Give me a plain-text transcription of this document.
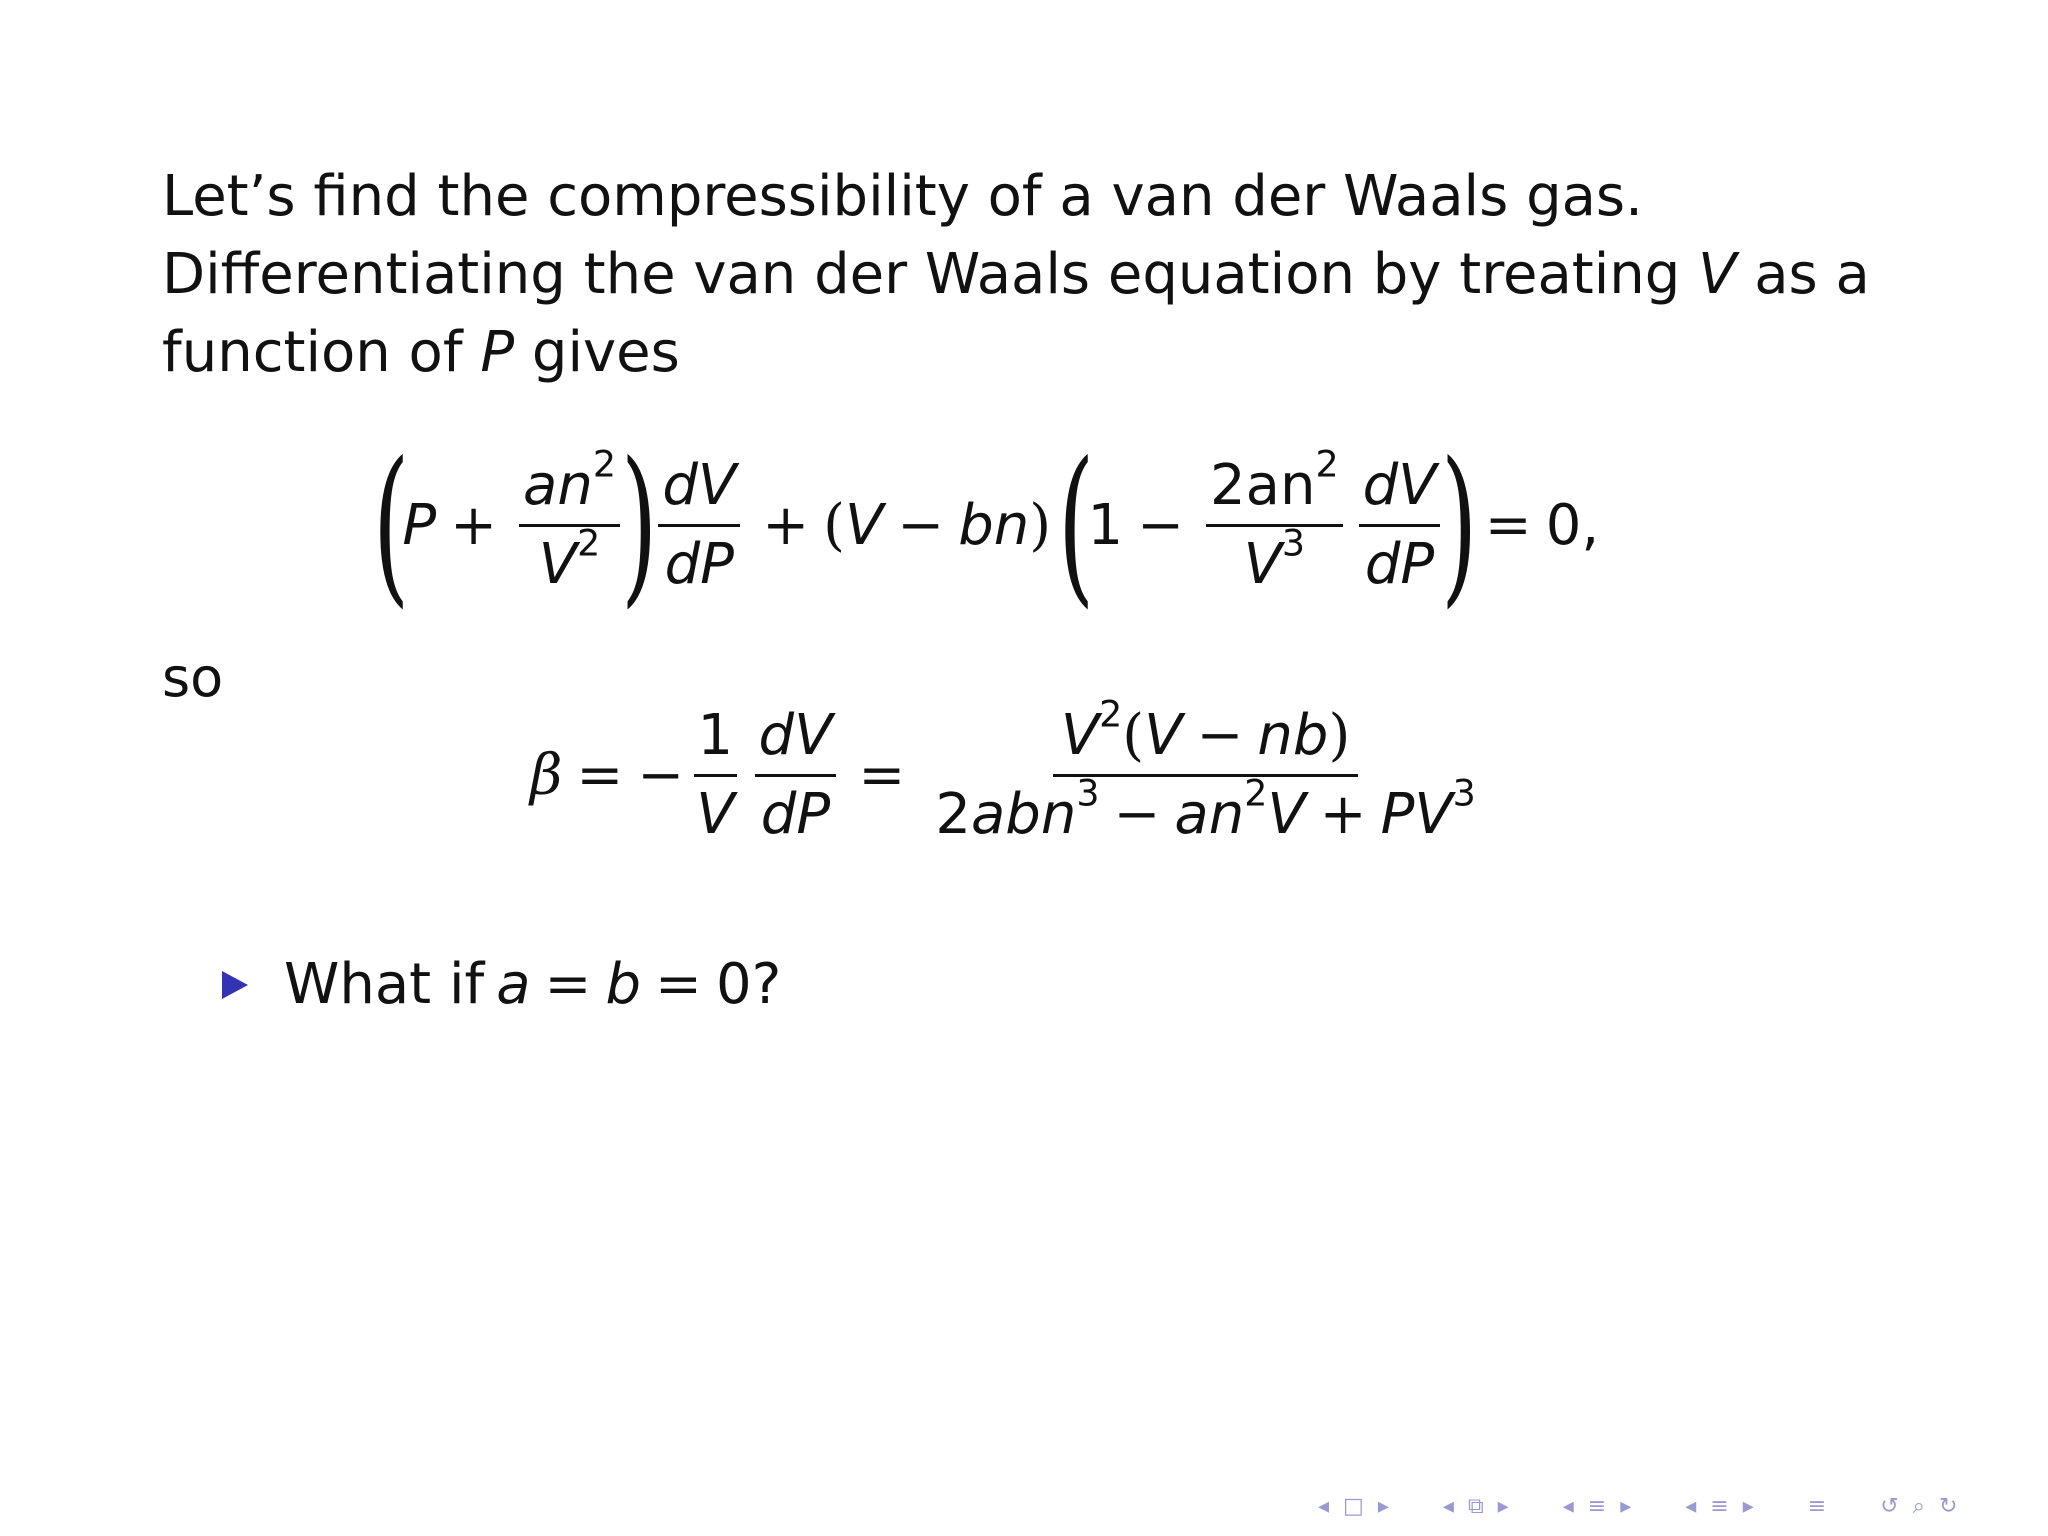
Let’s find the compressibility of a van der Waals gas.
Differentiating the van der Waals equation by treating V as a
function of P gives
(
$P + \frac{an^2}{V^2}$ ) $\frac{dV}{dP}$ + ( V − bn ) (
$1 - \frac{2an^2}{V^3} \frac{dV}{dP}$ ) = 0,
so
β = − $\frac{1}{V} \frac{dV}{dP} = \frac{V^2(V - nb)}{2abn^3 - an^2V + PV^3}$
What if a = b = 0?
◂ □ ▸ ◂ ⧉ ▸ ◂ ≡ ▸ ◂ ≡ ▸ ≡ ↺ ⌕ ↻
